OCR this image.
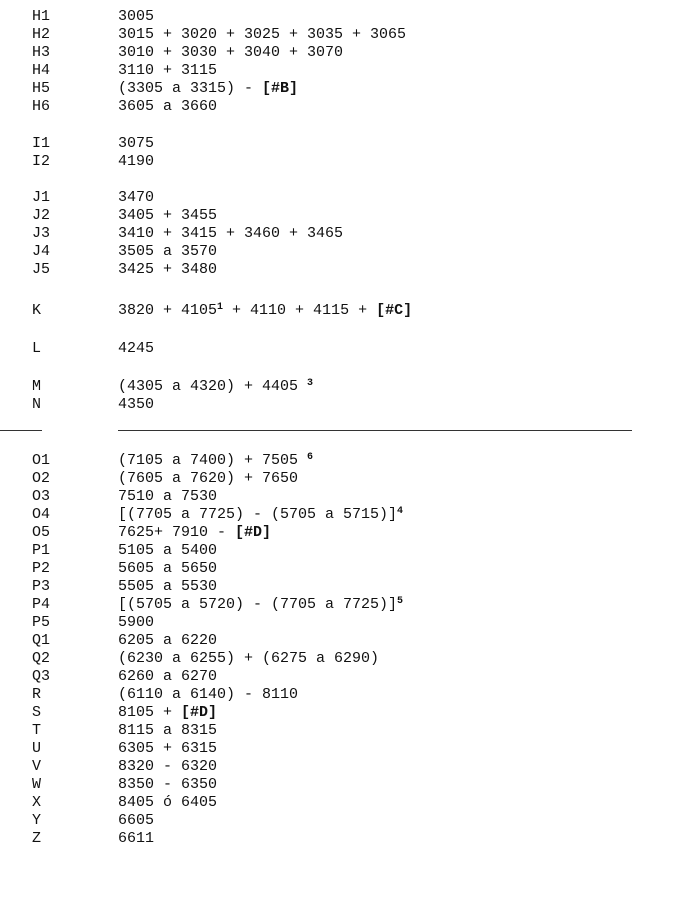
H1	3005
H2	3015 + 3020 + 3025 + 3035 + 3065
H3	3010 + 3030 + 3040 + 3070
H4	3110 + 3115
H5	(3305 a 3315) - [#B]
H6	3605 a 3660
I1	3075
I2	4190
J1	3470
J2	3405 + 3455
J3	3410 + 3415 + 3460 + 3465
J4	3505 a 3570
J5	3425 + 3480
K	$3820 + 4105^1 + 4110 + 4115$ + [#C]
L	4245
M	(4305 a 4320) + 4405 $^3$
N	4350
O1	(7105 a 7400) + 7505 $^6$
O2	(7605 a 7620) + 7650
O3	7510 a 7530
O4	[(7705 a 7725) - (5705 a 5715)]$^4$
O5	7625+ 7910 - [#D]
P1	5105 a 5400
P2	5605 a 5650
P3	5505 a 5530
P4	[(5705 a 5720) - (7705 a 7725)]$^5$
P5	5900
Q1	6205 a 6220
Q2	(6230 a 6255) + (6275 a 6290)
Q3	6260 a 6270
R	(6110 a 6140) - 8110
S	8105 + [#D]
T	8115 a 8315
U	6305 + 6315
V	8320 - 6320
W	8350 - 6350
X	8405 ó 6405
Y	6605
Z	6611
